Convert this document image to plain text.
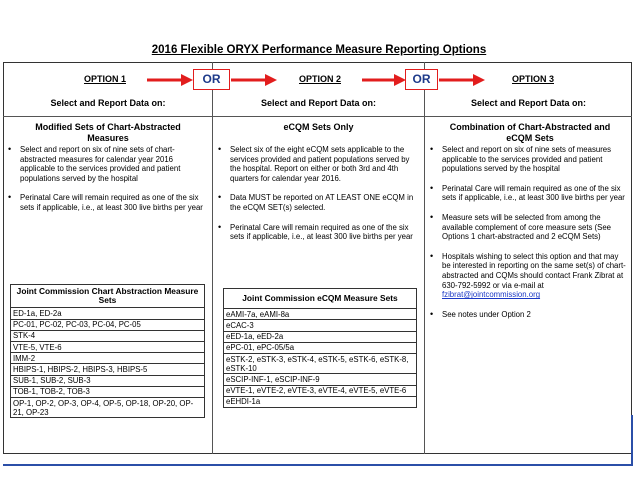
2016 Flexible ORYX Performance Measure Reporting Options
OPTION 1	OPTION 2	OPTION 3
OR	OR
Select and Report Data on:	Select and Report Data on:	Select and Report Data on:
Modified Sets of Chart-Abstracted Measures
eCQM Sets Only	Combination of Chart-Abstracted and eCQM Sets
• Select and report on six of nine sets of chart-abstracted measures for calendar year 2016 applicable to the services provided and patient populations served by the hospital
• Perinatal Care will remain required as one of the six sets if applicable, i.e., at least 300 live births per year
• Select six of the eight eCQM sets applicable to the services provided and patient populations served by the hospital. Report on either or both 3rd and 4th quarters for calendar year 2016.
• Data MUST be reported on AT LEAST ONE eCQM in the eCQM SET(s) selected.
• Perinatal Care will remain required as one of the six sets if applicable, i.e., at least 300 live births per year
• Select and report on six of nine sets of measures applicable to the services provided and patient populations served by the hospital
• Perinatal Care will remain required as one of the six sets if applicable, i.e., at least 300 live births per year
• Measure sets will be selected from among the available complement of core measure sets (See Options 1 chart-abstracted and 2 eCQM Sets)
• Hospitals wishing to select this option and that may be interested in reporting on the same set(s) of chart-abstracted and CQMs should contact Frank Zibrat at 630-792-5992 or via e-mail at fzibrat@jointcommission.org
• See notes under Option 2
Joint Commission Chart Abstraction Measure Sets
ED-1a, ED-2a
PC-01, PC-02, PC-03, PC-04, PC-05
STK-4
VTE-5, VTE-6
IMM-2
HBIPS-1, HBIPS-2, HBIPS-3, HBIPS-5
SUB-1, SUB-2, SUB-3
TOB-1, TOB-2, TOB-3
OP-1, OP-2, OP-3, OP-4, OP-5, OP-18, OP-20, OP-21, OP-23
Joint Commission eCQM Measure Sets
eAMI-7a, eAMI-8a
eCAC-3
eED-1a, eED-2a
ePC-01, ePC-05/5a
eSTK-2, eSTK-3, eSTK-4, eSTK-5, eSTK-6, eSTK-8, eSTK-10
eSCIP-INF-1, eSCIP-INF-9
eVTE-1, eVTE-2, eVTE-3, eVTE-4, eVTE-5, eVTE-6
eEHDI-1a
